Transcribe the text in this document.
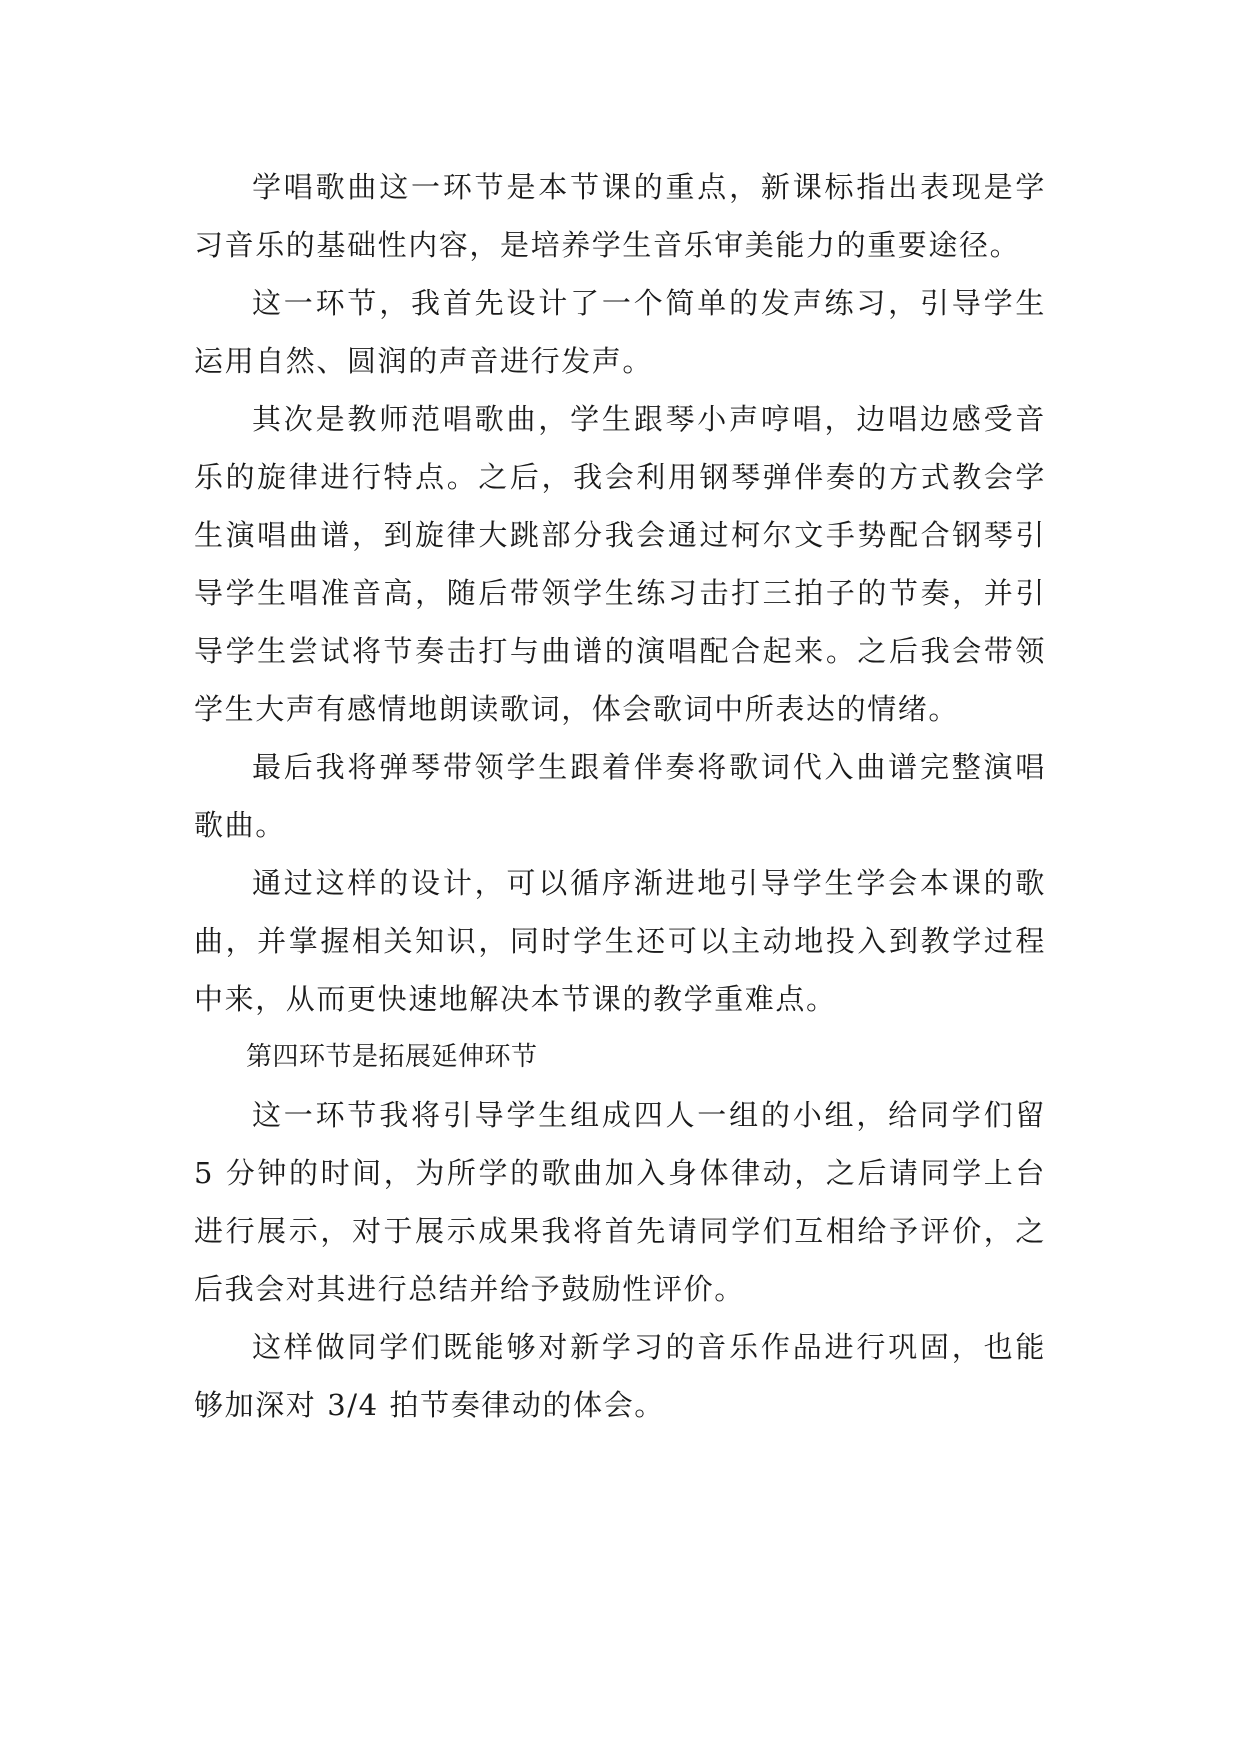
学唱歌曲这一环节是本节课的重点，新课标指出表现是学习音乐的基础性内容，是培养学生音乐审美能力的重要途径。

这一环节，我首先设计了一个简单的发声练习，引导学生运用自然、圆润的声音进行发声。

其次是教师范唱歌曲，学生跟琴小声哼唱，边唱边感受音乐的旋律进行特点。之后，我会利用钢琴弹伴奏的方式教会学生演唱曲谱，到旋律大跳部分我会通过柯尔文手势配合钢琴引导学生唱准音高，随后带领学生练习击打三拍子的节奏，并引导学生尝试将节奏击打与曲谱的演唱配合起来。之后我会带领学生大声有感情地朗读歌词，体会歌词中所表达的情绪。

最后我将弹琴带领学生跟着伴奏将歌词代入曲谱完整演唱歌曲。

通过这样的设计，可以循序渐进地引导学生学会本课的歌曲，并掌握相关知识，同时学生还可以主动地投入到教学过程中来，从而更快速地解决本节课的教学重难点。

第四环节是拓展延伸环节

这一环节我将引导学生组成四人一组的小组，给同学们留 5 分钟的时间，为所学的歌曲加入身体律动，之后请同学上台进行展示，对于展示成果我将首先请同学们互相给予评价，之后我会对其进行总结并给予鼓励性评价。

这样做同学们既能够对新学习的音乐作品进行巩固，也能够加深对 3/4 拍节奏律动的体会。
